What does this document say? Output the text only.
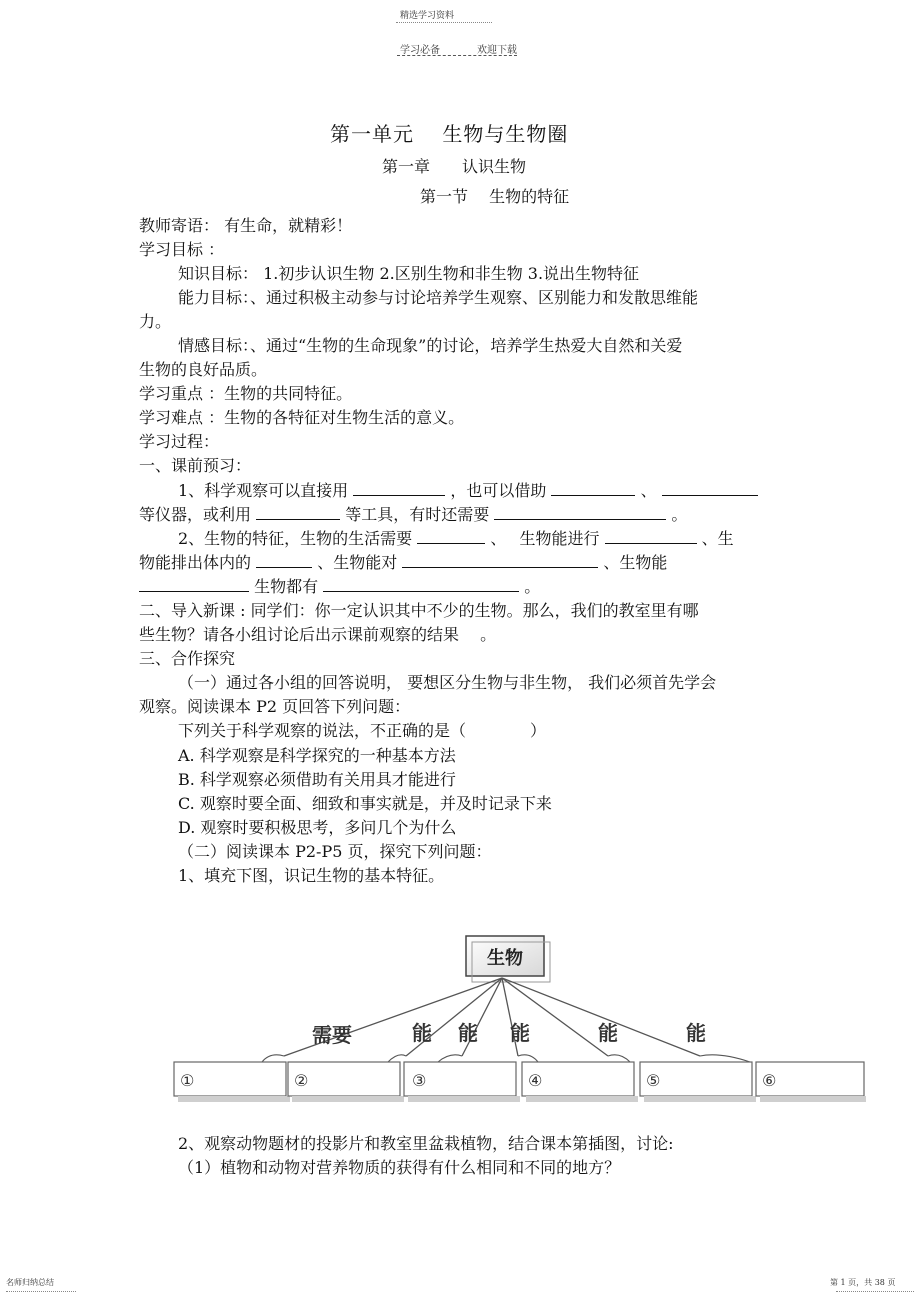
精选学习资料
学习必备	欢迎下载
第一单元　 生物与生物圈
第一章　　认识生物
第一节　 生物的特征
教师寄语： 有生命，就精彩！
学习目标 ：
知识目标： 1.初步认识生物 2.区别生物和非生物 3.说出生物特征
能力目标：、通过积极主动参与讨论培养学生观察、区别能力和发散思维能
力。
情感目标：、通过“生物的生命现象”的讨论，培养学生热爱大自然和关爱
生物的良好品质。
学习重点 ：生物的共同特征。
学习难点 ：生物的各特征对生物生活的意义。
学习过程：
一、课前预习：
1、科学观察可以直接用	，也可以借助	、
等仪器，或利用	等工具，有时还需要	。
2、生物的特征，生物的生活需要	、　 生物能进行	、生
物能排出体内的	、生物能对	、生物能
生物都有	。
二、导入新课 : 同学们：你一定认识其中不少的生物。那么，我们的教室里有哪
些生物？请各小组讨论后出示课前观察的结果　 。
三、合作探究
（一）通过各小组的回答说明， 要想区分生物与非生物， 我们必须首先学会
观察。阅读课本 P2 页回答下列问题：
下列关于科学观察的说法，不正确的是（　　　　）
A. 科学观察是科学探究的一种基本方法
B. 科学观察必须借助有关用具才能进行
C. 观察时要全面、细致和事实就是，并及时记录下来
D. 观察时要积极思考，多问几个为什么
（二）阅读课本 P2-P5 页，探究下列问题：
1、填充下图，识记生物的基本特征。
生物
需要	能 能 能	能	能
①	②	③	④	⑤	⑥
2、观察动物题材的投影片和教室里盆栽植物，结合课本第插图，讨论:
（1）植物和动物对营养物质的获得有什么相同和不同的地方？
名师归纳总结	第 1 页，共 38 页
